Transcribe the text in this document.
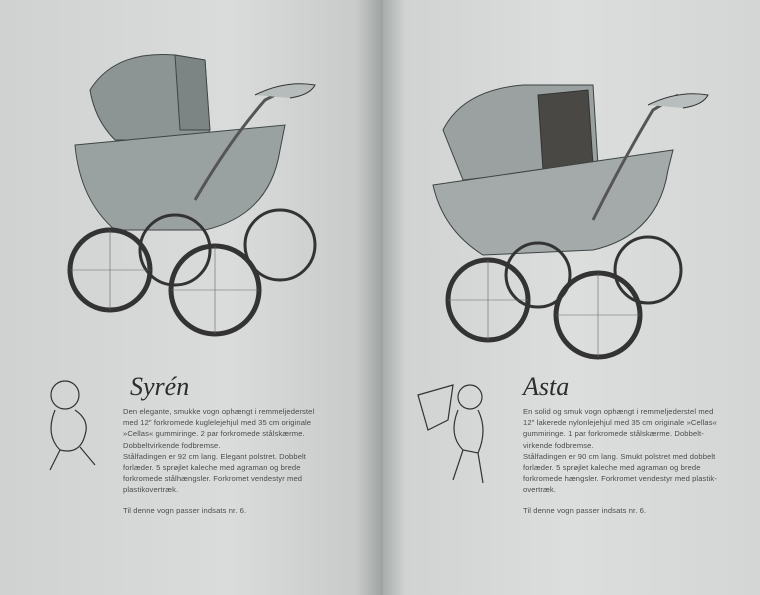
Syrén

Den elegante, smukke vogn ophængt i remmeljederstel

med 12" forkromede kuglelejehjul med 35 cm originale

»Cellas« gummiringe. 2 par forkromede stålskærme.

Dobbeltvirkende fodbremse.

Stålfadingen er 92 cm lang. Elegant polstret. Dobbelt

forlæder. 5 sprøjlet kaleche med agraman og brede

forkromede stålhængsler. Forkromet vendestyr med

plastikovertræk.

Til denne vogn passer indsats nr. 6.

Asta

En solid og smuk vogn ophængt i remmeljederstel med

12" lakerede nylonlejehjul med 35 cm originale »Cellas«

gummiringe. 1 par forkromede stålskærme. Dobbelt-

virkende fodbremse.

Stålfadingen er 90 cm lang. Smukt polstret med dobbelt

forlæder. 5 sprøjlet kaleche med agraman og brede

forkromede hængsler. Forkromet vendestyr med plastik-

overtræk.

Til denne vogn passer indsats nr. 6.
